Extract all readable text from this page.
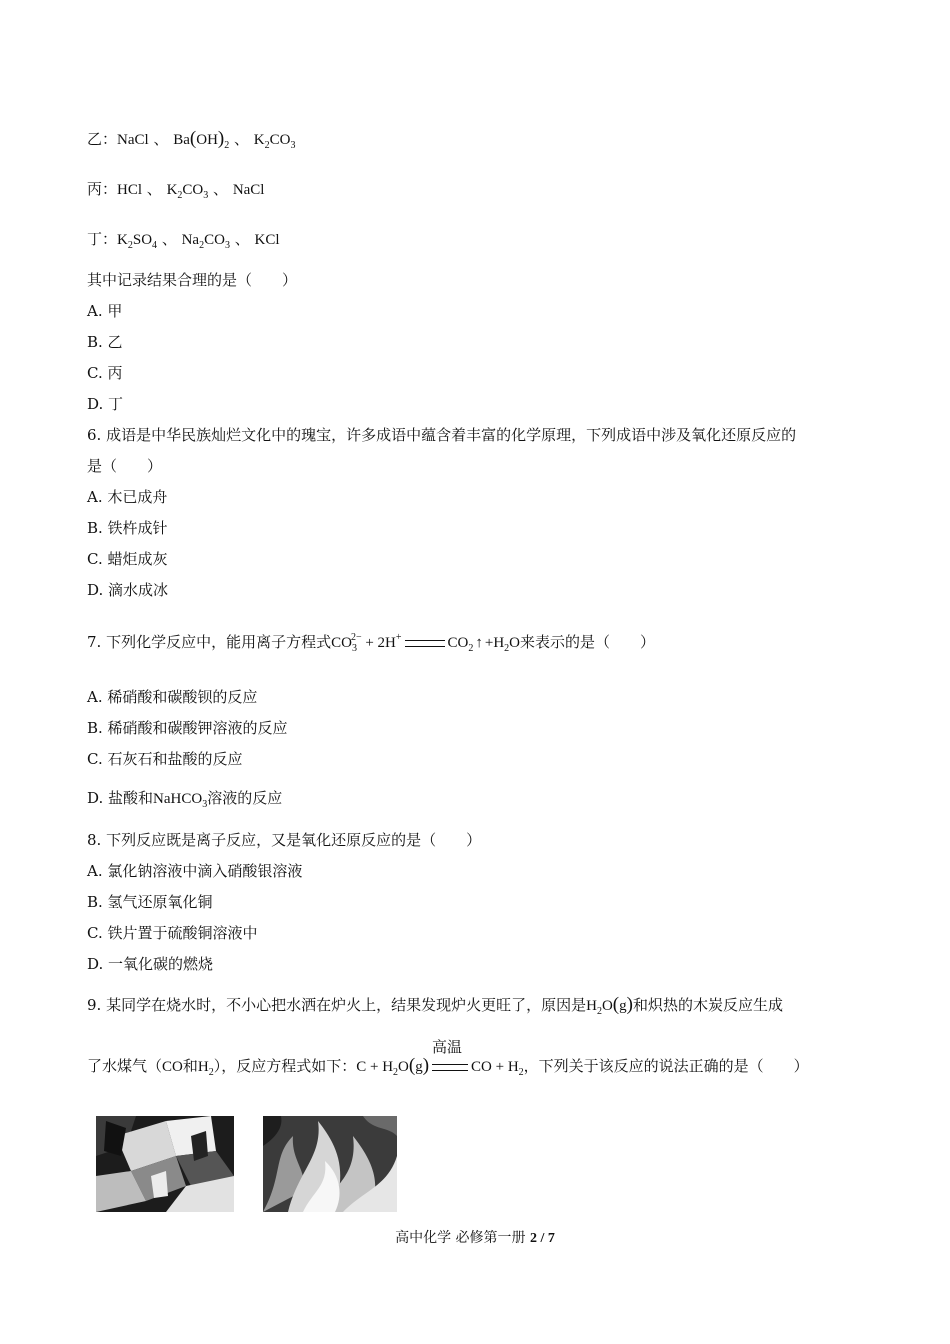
乙：NaCl 、 $Ba(OH)_2$ 、 $K_2CO_3$
丙：HCl 、 $K_2CO_3$ 、 NaCl
丁：$K_2SO_4$ 、 $Na_2CO_3$ 、 KCl
其中记录结果合理的是（　　）
A. 甲
B. 乙
C. 丙
D. 丁
6. 成语是中华民族灿烂文化中的瑰宝，许多成语中蕴含着丰富的化学原理，下列成语中涉及氧化还原反应的
是（　　）
A. 木已成舟
B. 铁杵成针
C. 蜡炬成灰
D. 滴水成冰
7. 下列化学反应中，能用离子方程式$CO_3^{2-} + 2H^+$	$CO_2$ ↑ $+H_2O$来表示的是（　　）
A. 稀硝酸和碳酸钡的反应
B. 稀硝酸和碳酸钾溶液的反应
C. 石灰石和盐酸的反应
D. 盐酸和NaHCO$_3$溶液的反应
8. 下列反应既是离子反应，又是氧化还原反应的是（　　）
A. 氯化钠溶液中滴入硝酸银溶液
B. 氢气还原氧化铜
C. 铁片置于硫酸铜溶液中
D. 一氧化碳的燃烧
9. 某同学在烧水时，不小心把水洒在炉火上，结果发现炉火更旺了，原因是$H_2O(g)$和炽热的木炭反应生成
了水煤气（CO和$H_2$），反应方程式如下：$C + H_2O(g)$
高温
CO + $H_2$，下列关于该反应的说法正确的是（　　）
高中化学 必修第一册 2 / 7
